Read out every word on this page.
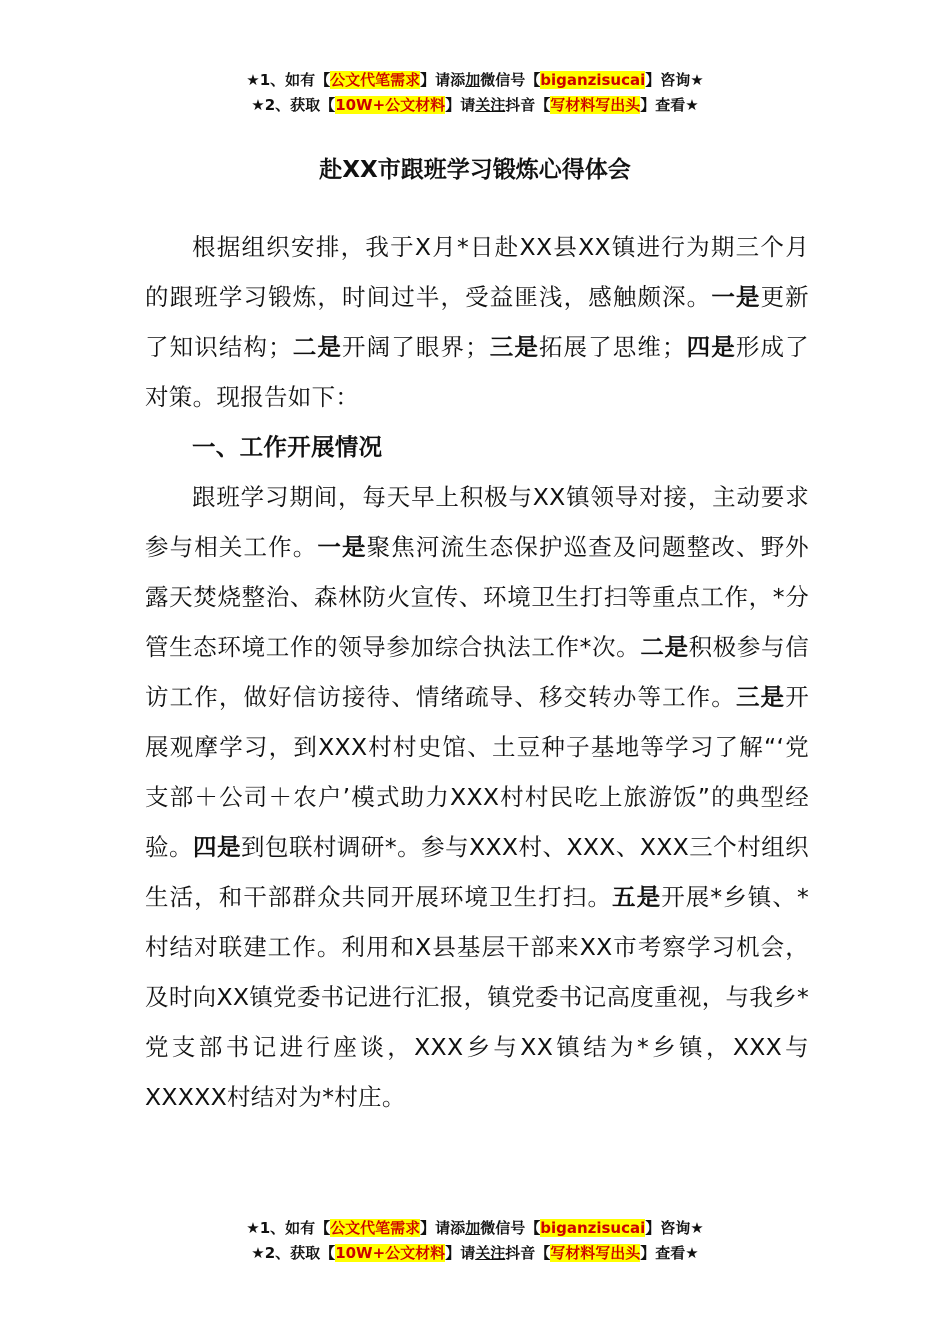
★1、如有【公文代笔需求】请添加微信号【biganzisucai】咨询★
★2、获取【10W+公文材料】请关注抖音【写材料写出头】查看★
赴XX市跟班学习锻炼心得体会

根据组织安排，我于X月*日赴XX县XX镇进行为期三个月的跟班学习锻炼，时间过半，受益匪浅，感触颇深。一是更新了知识结构；二是开阔了眼界；三是拓展了思维；四是形成了对策。现报告如下：

一、工作开展情况

跟班学习期间，每天早上积极与XX镇领导对接，主动要求参与相关工作。一是聚焦河流生态保护巡查及问题整改、野外露天焚烧整治、森林防火宣传、环境卫生打扫等重点工作，*分管生态环境工作的领导参加综合执法工作*次。二是积极参与信访工作，做好信访接待、情绪疏导、移交转办等工作。三是开展观摩学习，到XXX村村史馆、土豆种子基地等学习了解“‘党支部＋公司＋农户’模式助力XXX村村民吃上旅游饭”的典型经验。四是到包联村调研*。参与XXX村、XXX、XXX三个村组织生活，和干部群众共同开展环境卫生打扫。五是开展*乡镇、*村结对联建工作。利用和X县基层干部来XX市考察学习机会，及时向XX镇党委书记进行汇报，镇党委书记高度重视，与我乡*党支部书记进行座谈，XXX乡与XX镇结为*乡镇，XXX与XXXXX村结对为*村庄。

★1、如有【公文代笔需求】请添加微信号【biganzisucai】咨询★
★2、获取【10W+公文材料】请关注抖音【写材料写出头】查看★
